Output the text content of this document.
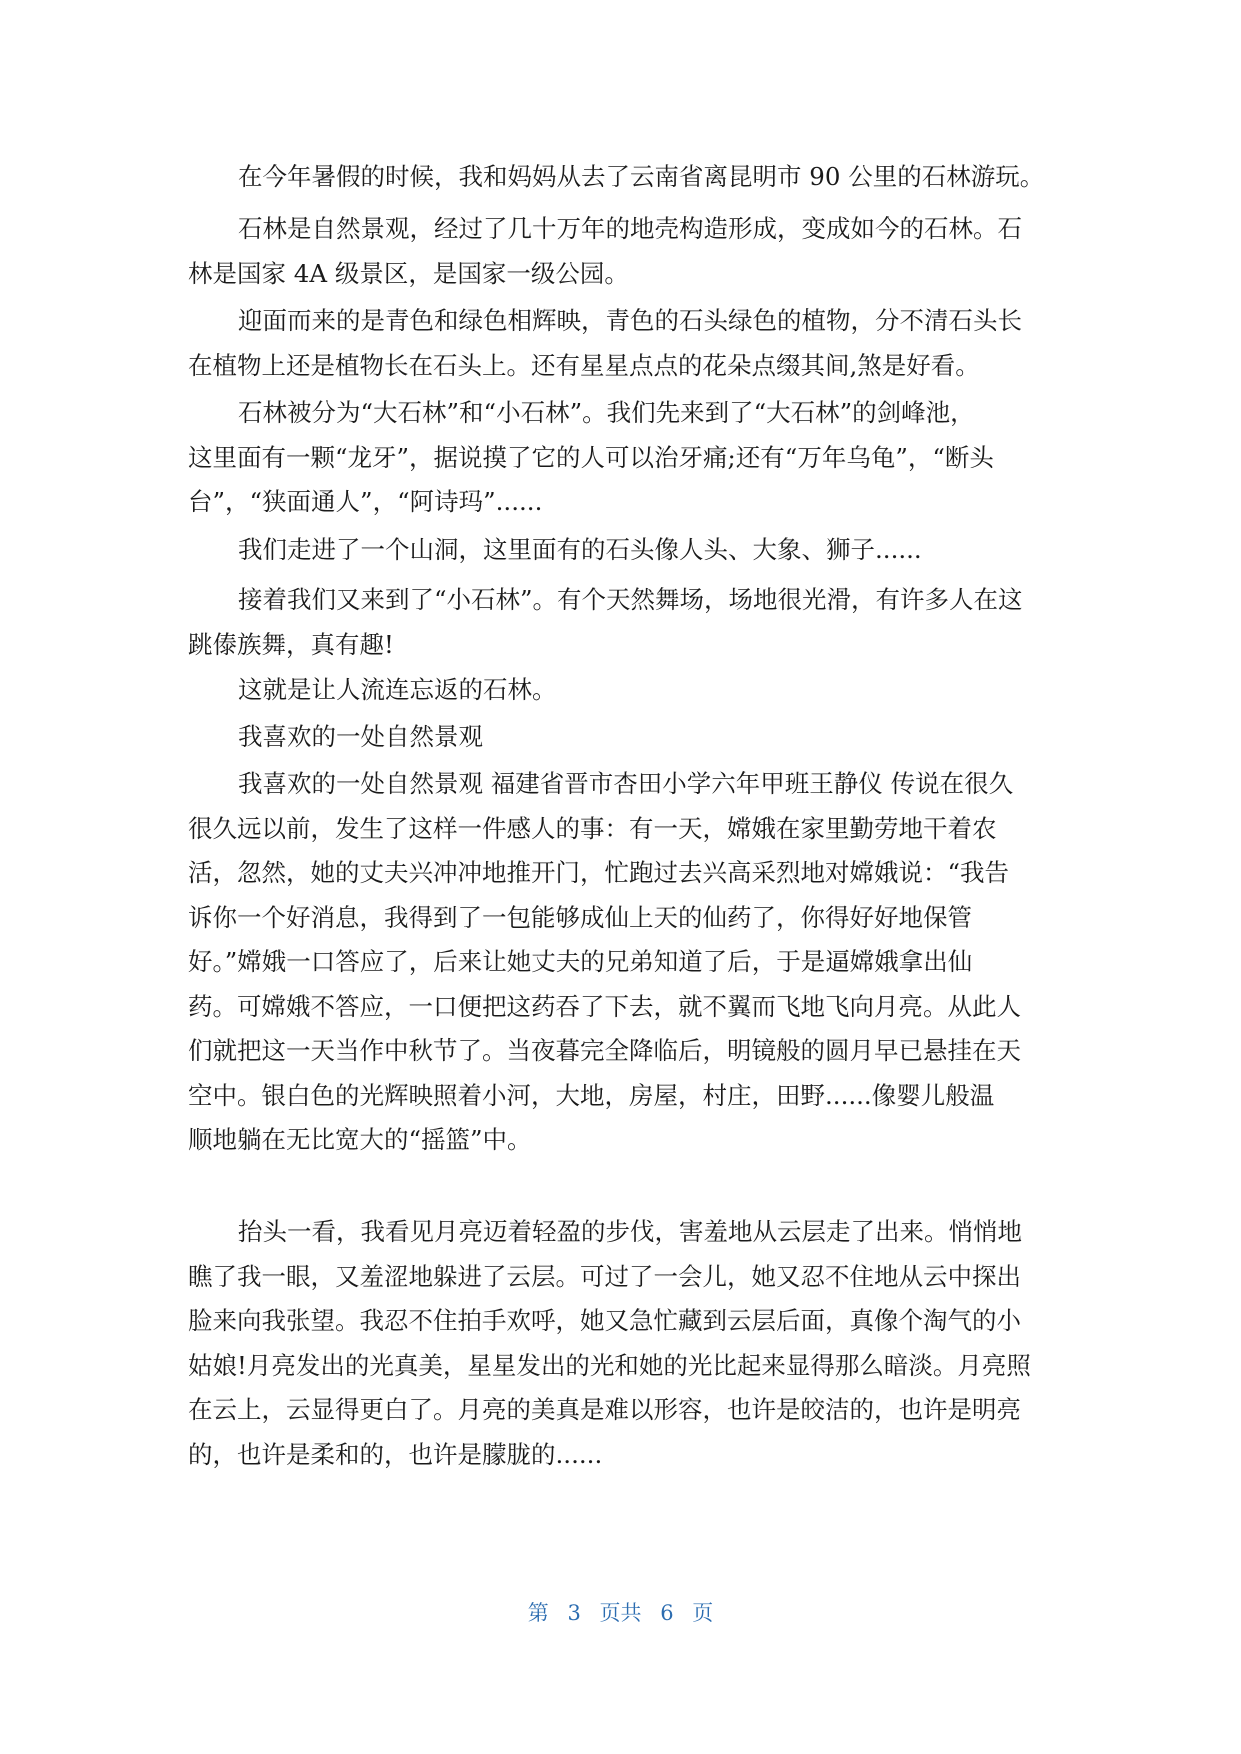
在今年暑假的时候，我和妈妈从去了云南省离昆明市 90 公里的石林游玩。
石林是自然景观，经过了几十万年的地壳构造形成，变成如今的石林。石
林是国家 4A 级景区，是国家一级公园。
迎面而来的是青色和绿色相辉映，青色的石头绿色的植物，分不清石头长
在植物上还是植物长在石头上。还有星星点点的花朵点缀其间,煞是好看。
石林被分为“大石林”和“小石林”。我们先来到了“大石林”的剑峰池，
这里面有一颗“龙牙”，据说摸了它的人可以治牙痛;还有“万年乌龟”，“断头
台”，“狭面通人”，“阿诗玛”......
我们走进了一个山洞，这里面有的石头像人头、大象、狮子......
接着我们又来到了“小石林”。有个天然舞场，场地很光滑，有许多人在这
跳傣族舞，真有趣!
这就是让人流连忘返的石林。
我喜欢的一处自然景观
我喜欢的一处自然景观 福建省晋市杏田小学六年甲班王静仪 传说在很久
很久远以前，发生了这样一件感人的事：有一天，嫦娥在家里勤劳地干着农
活，忽然，她的丈夫兴冲冲地推开门，忙跑过去兴高采烈地对嫦娥说：“我告
诉你一个好消息，我得到了一包能够成仙上天的仙药了，你得好好地保管
好。”嫦娥一口答应了，后来让她丈夫的兄弟知道了后，于是逼嫦娥拿出仙
药。可嫦娥不答应，一口便把这药吞了下去，就不翼而飞地飞向月亮。从此人
们就把这一天当作中秋节了。当夜暮完全降临后，明镜般的圆月早已悬挂在天
空中。银白色的光辉映照着小河，大地，房屋，村庄，田野......像婴儿般温
顺地躺在无比宽大的“摇篮”中。
抬头一看，我看见月亮迈着轻盈的步伐，害羞地从云层走了出来。悄悄地
瞧了我一眼，又羞涩地躲进了云层。可过了一会儿，她又忍不住地从云中探出
脸来向我张望。我忍不住拍手欢呼，她又急忙藏到云层后面，真像个淘气的小
姑娘!月亮发出的光真美，星星发出的光和她的光比起来显得那么暗淡。月亮照
在云上，云显得更白了。月亮的美真是难以形容，也许是皎洁的，也许是明亮
的，也许是柔和的，也许是朦胧的......
第 3 页共 6 页
